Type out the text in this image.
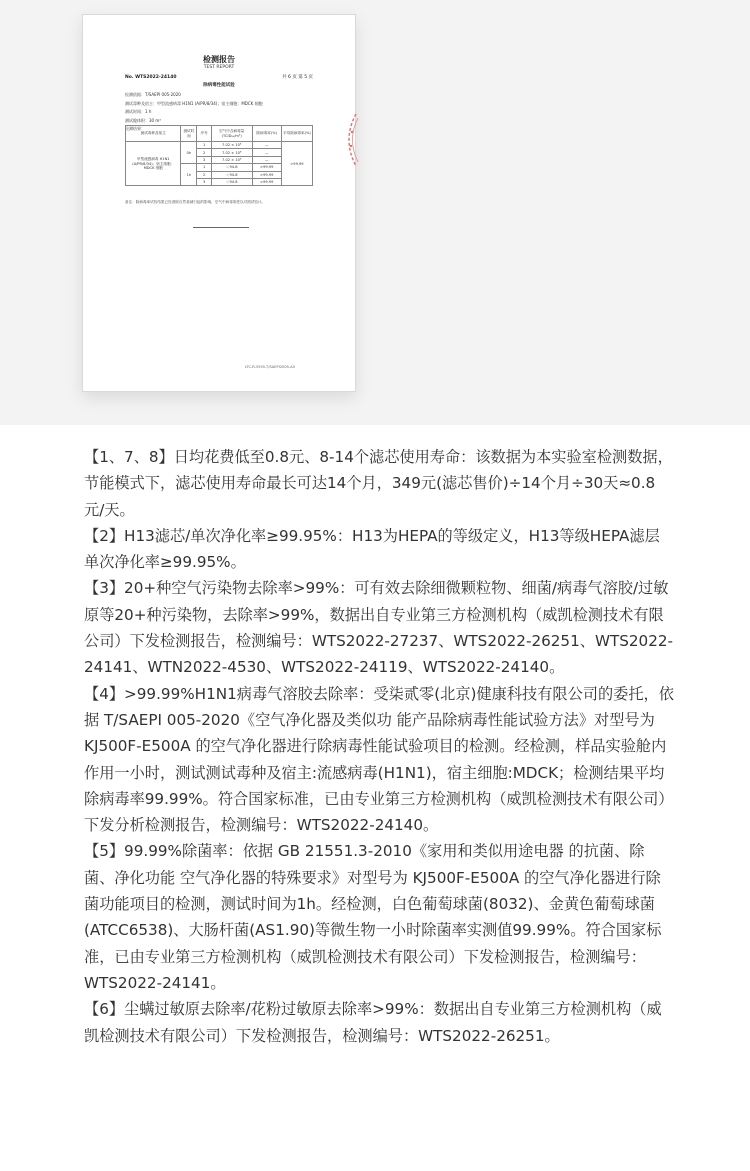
检测报告
TEST REPORT
No. WTS2022-24140	共 6 页 第 5 页
除病毒性能试验
检测依据：T/SAEPI 005-2020
测试毒种及宿主：甲型流感病毒 H1N1 (A/PR/8/34)；宿主细胞：MDCK 细胞
测试时间：1 h
测试舱体积：30 m³
检测结果：
测试毒种及宿主	测试时间	序号	空气中含病毒量(TCID₅₀/m³)	除病毒率(%)	平均除病毒率(%)
甲型流感病毒 H1N1 (A/PR/8/34)；宿主细胞：MDCK 细胞	0h	1	7.02 × 10⁶	—	>99.99
		2	7.02 × 10⁶	—	
		3	7.02 × 10⁶	—	
	1h	1	＜94.8	>99.99	
		2	＜94.8	>99.99	
		3	＜94.8	>99.99	
备注：除病毒率试验结果已经消除自然衰减引起的影响，空气中病毒浓度以对照试验计。
LTC-R-5555-T/SAEPI2005-A0

【1、7、8】日均花费低至0.8元、8-14个滤芯使用寿命：该数据为本实验室检测数据，节能模式下，滤芯使用寿命最长可达14个月，349元(滤芯售价)÷14个月÷30天≈0.8元/天。

【2】H13滤芯/单次净化率≥99.95%：H13为HEPA的等级定义，H13等级HEPA滤层单次净化率≥99.95%。

【3】20+种空气污染物去除率>99%：可有效去除细微颗粒物、细菌/病毒气溶胶/过敏原等20+种污染物，去除率>99%，数据出自专业第三方检测机构（威凯检测技术有限公司）下发检测报告，检测编号：WTS2022-27237、WTS2022-26251、WTS2022-24141、WTN2022-4530、WTS2022-24119、WTS2022-24140。

【4】>99.99%H1N1病毒气溶胶去除率：受柒贰零(北京)健康科技有限公司的委托，依据 T/SAEPI 005-2020《空气净化器及类似功 能产品除病毒性能试验方法》对型号为 KJ500F-E500A 的空气净化器进行除病毒性能试验项目的检测。经检测，样品实验舱内作用一小时，测试测试毒种及宿主:流感病毒(H1N1)，宿主细胞:MDCK；检测结果平均除病毒率99.99%。符合国家标准，已由专业第三方检测机构（威凯检测技术有限公司）下发分析检测报告，检测编号：WTS2022-24140。

【5】99.99%除菌率：依据 GB 21551.3-2010《家用和类似用途电器 的抗菌、除菌、净化功能 空气净化器的特殊要求》对型号为 KJ500F-E500A 的空气净化器进行除　　　菌功能项目的检测，测试时间为1h。经检测，白色葡萄球菌(8032)、金黄色葡萄球菌(ATCC6538)、大肠杆菌(AS1.90)等微生物一小时除菌率实测值99.99%。符合国家标准，已由专业第三方检测机构（威凯检测技术有限公司）下发检测报告，检测编号：WTS2022-24141。

【6】尘螨过敏原去除率/花粉过敏原去除率>99%：数据出自专业第三方检测机构（威凯检测技术有限公司）下发检测报告，检测编号：WTS2022-26251。
